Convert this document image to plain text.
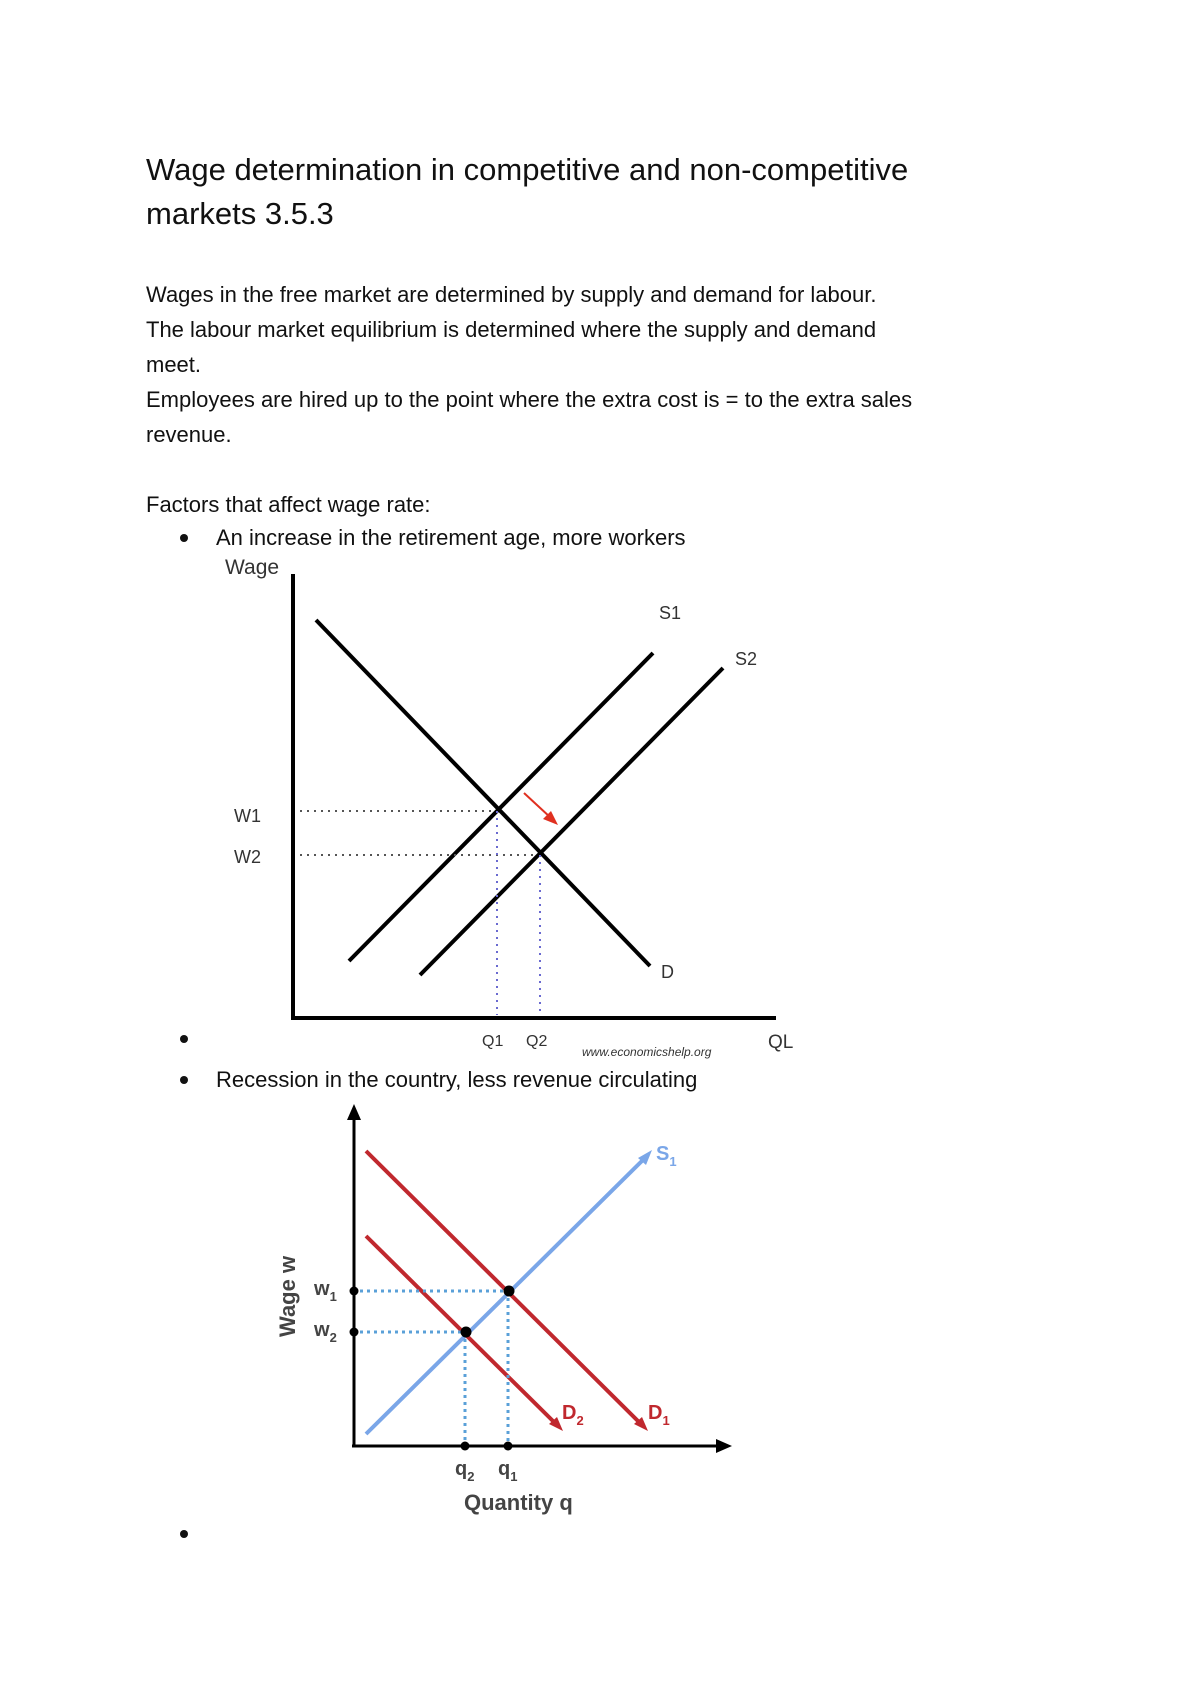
Wage determination in competitive and non-competitive
markets 3.5.3
Wages in the free market are determined by supply and demand for labour.
The labour market equilibrium is determined where the supply and demand
meet.
Employees are hired up to the point where the extra cost is = to the extra sales
revenue.
Factors that affect wage rate:
An increase in the retirement age, more workers
Wage
S1
S2
D
W1
W2
Q1 Q2	QL
www.economicshelp.org
Recession in the country, less revenue circulating
$S_1$
$D_1$
$D_2$
$w_1$
$w_2$
$q_2$ $q_1$
Quantity q
Wage w
